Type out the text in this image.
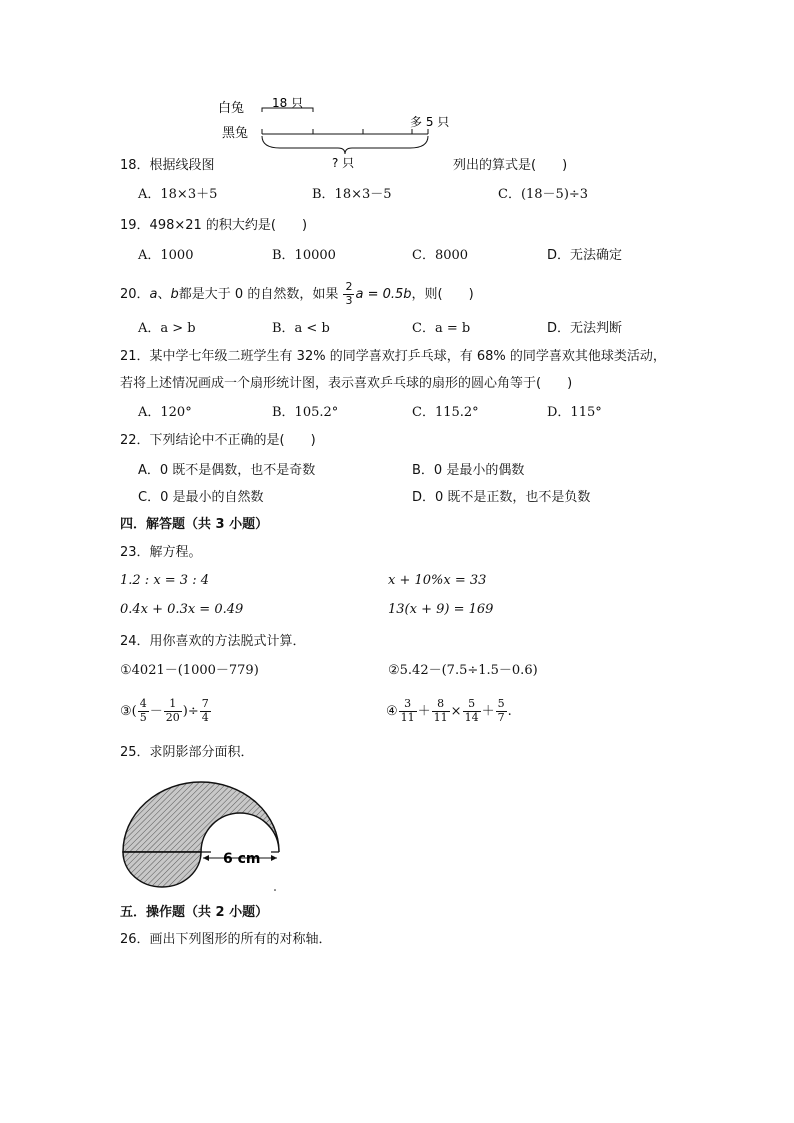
白兔 18 只
黑兔
多 5 只
? 只
18．根据线段图	列出的算式是(　　)
A．18×3＋5	B．18×3－5	C．(18－5)÷3
19．498×21 的积大约是(　　)
A．1000	B．10000	C．8000	D．无法确定
20．a、b都是大于 0 的自然数，如果 $\frac{2}{3}$ a = 0.5b，则(　　)
A．a > b	B．a < b	C．a = b	D．无法判断
21．某中学七年级二班学生有 32% 的同学喜欢打乒乓球，有 68% 的同学喜欢其他球类活动，
若将上述情况画成一个扇形统计图，表示喜欢乒乓球的扇形的圆心角等于(　　)
A．120°	B．105.2°	C．115.2°	D．115°
22．下列结论中不正确的是(　　)
A．0 既不是偶数，也不是奇数	B．0 是最小的偶数
C．0 是最小的自然数	D．0 既不是正数，也不是负数
四．解答题（共 3 小题）
23．解方程。
1.2 : x = 3 : 4	x + 10%x = 33
0.4x + 0.3x = 0.49	13(x + 9) = 169
24．用你喜欢的方法脱式计算．
①4021－(1000－779)	②5.42－(7.5÷1.5－0.6)
③( $\frac{4}{5} - \frac{1}{20}$ )÷ $\frac{7}{4}$	④ $\frac{3}{11} + \frac{8}{11} \times \frac{5}{14} + \frac{5}{7}$ .
25．求阴影部分面积．
6 cm
五．操作题（共 2 小题）
26．画出下列图形的所有的对称轴．
